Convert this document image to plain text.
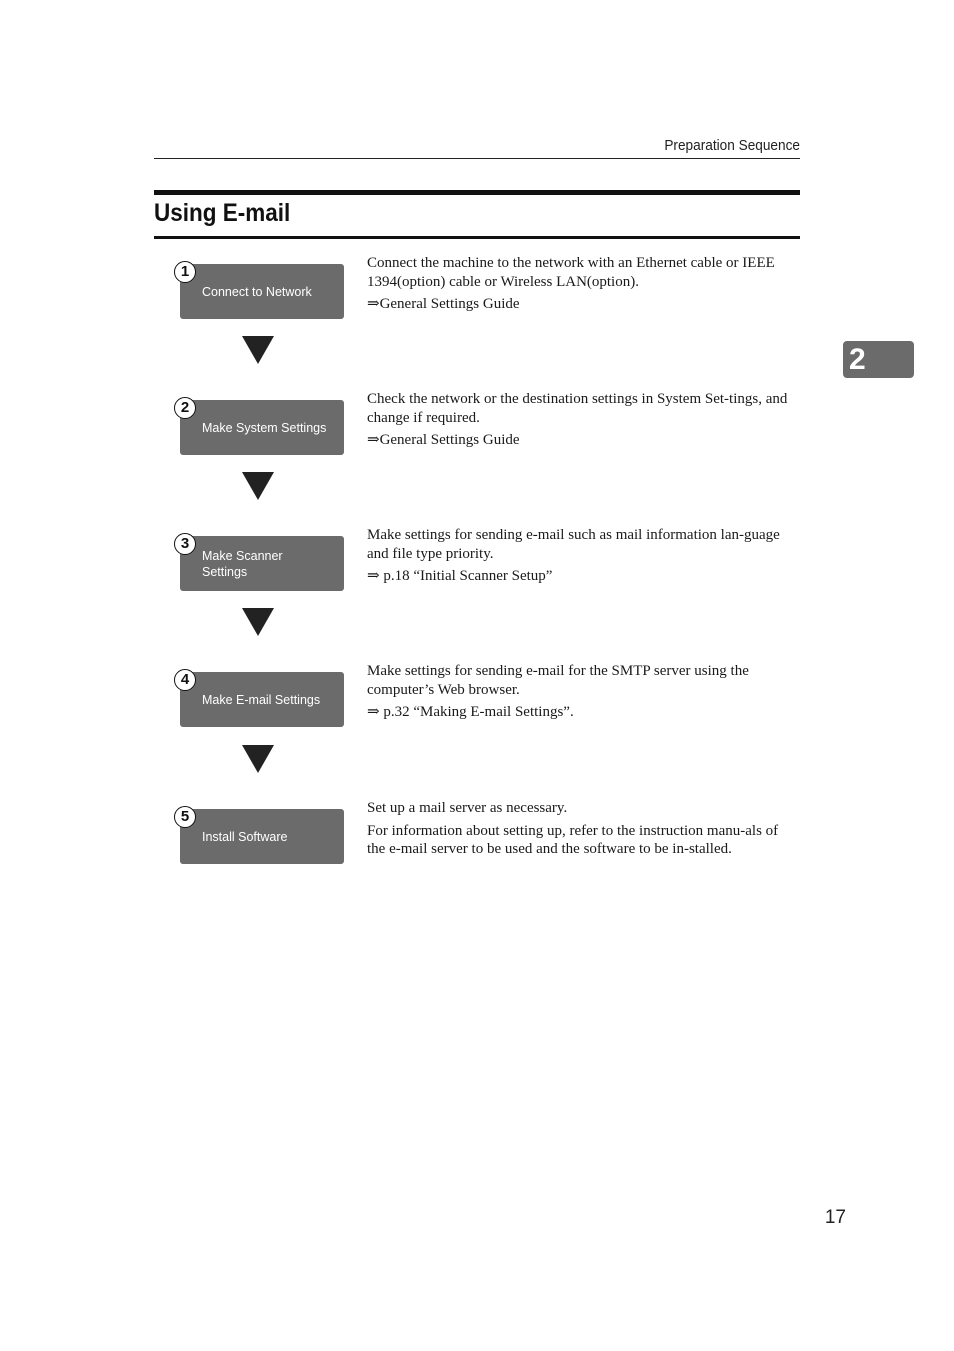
Preparation Sequence
Using E-mail
Connect to Network
1	Connect the machine to the network with an Ethernet cable or IEEE 1394(option) cable or Wireless LAN(option).

⇒General Settings Guide

Make System Settings
2	Check the network or the destination settings in System Set-tings, and change if required.

⇒General Settings Guide

Make Scanner Settings
3	Make settings for sending e-mail such as mail information lan-guage and file type priority.

⇒ p.18 “Initial Scanner Setup”

Make E-mail Settings
4	Make settings for sending e-mail for the SMTP server using the computer’s Web browser.

⇒ p.32 “Making E-mail Settings”.

Install Software
5	Set up a mail server as necessary.

For information about setting up, refer to the instruction manu-als of the e-mail server to be used and the software to be in-stalled.

2
17
